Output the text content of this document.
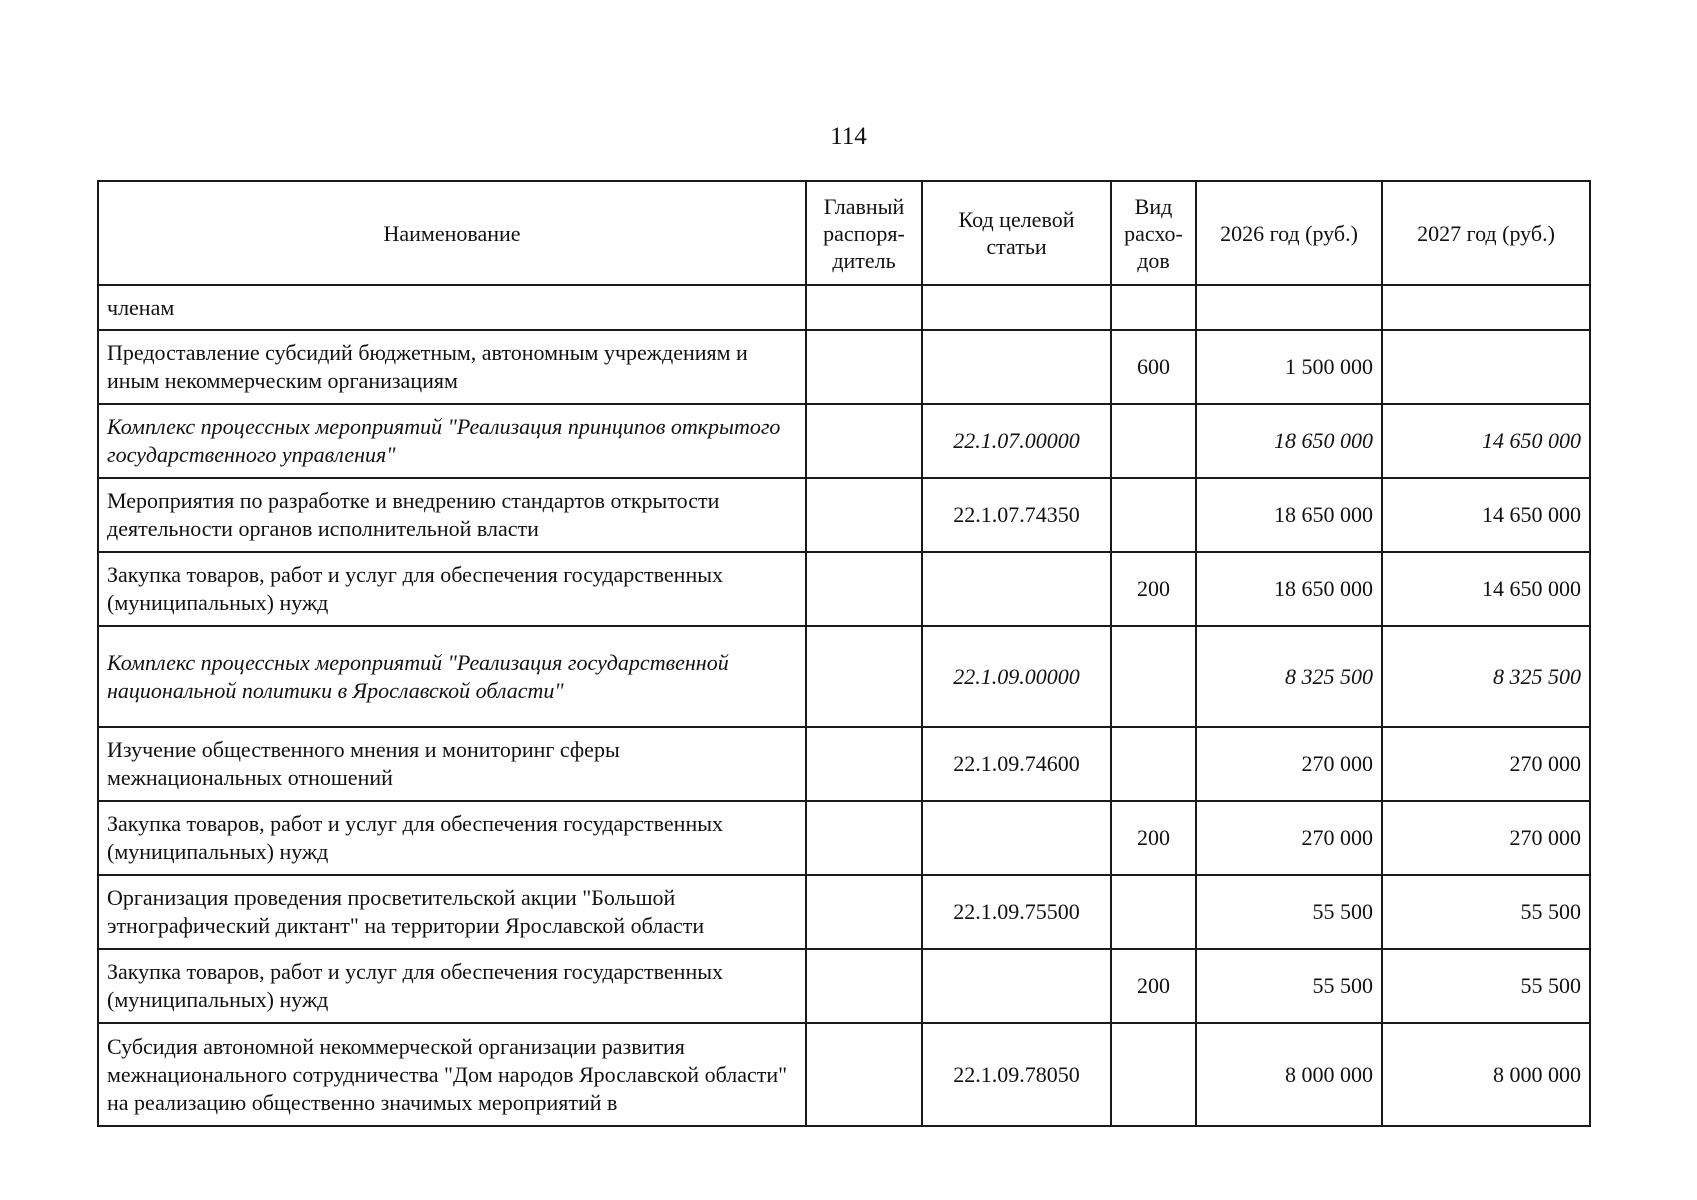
114
Наименование	Главный распоря-дитель	Код целевой статьи	Вид расхо-дов	2026 год (руб.)	2027 год (руб.)
членам					
Предоставление субсидий бюджетным, автономным учреждениям и иным некоммерческим организациям			600	1 500 000	
Комплекс процессных мероприятий "Реализация принципов открытого государственного управления"		22.1.07.00000		18 650 000	14 650 000
Мероприятия по разработке и внедрению стандартов открытости деятельности органов исполнительной власти		22.1.07.74350		18 650 000	14 650 000
Закупка товаров, работ и услуг для обеспечения государственных (муниципальных) нужд			200	18 650 000	14 650 000
Комплекс процессных мероприятий "Реализация государственной национальной политики в Ярославской области"		22.1.09.00000		8 325 500	8 325 500
Изучение общественного мнения и мониторинг сферы межнациональных отношений		22.1.09.74600		270 000	270 000
Закупка товаров, работ и услуг для обеспечения государственных (муниципальных) нужд			200	270 000	270 000
Организация проведения просветительской акции "Большой этнографический диктант" на территории Ярославской области		22.1.09.75500		55 500	55 500
Закупка товаров, работ и услуг для обеспечения государственных (муниципальных) нужд			200	55 500	55 500
Субсидия автономной некоммерческой организации развития межнационального сотрудничества "Дом народов Ярославской области" на реализацию общественно значимых мероприятий в		22.1.09.78050		8 000 000	8 000 000
